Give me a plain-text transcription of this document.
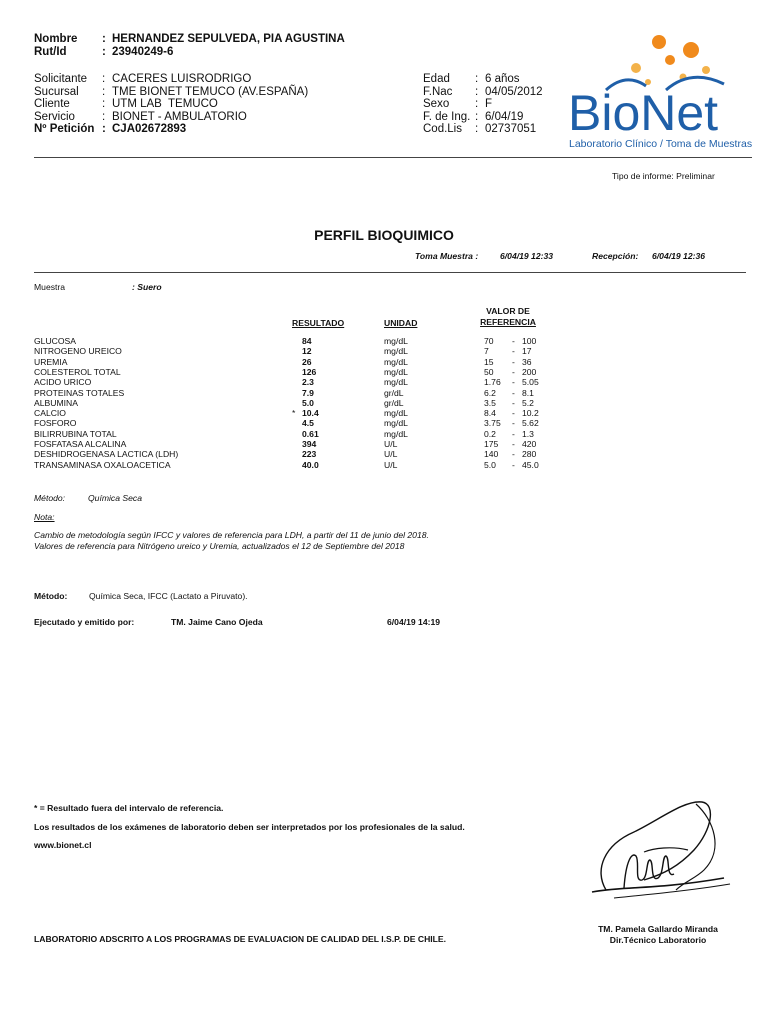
Nombre	: HERNANDEZ SEPULVEDA, PIA AGUSTINA
Rut/Id	: 23940249-6
Solicitante	: CACERES LUISRODRIGO
Sucursal	: TME BIONET TEMUCO (AV.ESPAÑA)
Cliente	: UTM LAB  TEMUCO
Servicio	: BIONET - AMBULATORIO
Nº Petición : CJA02672893
Edad	: 6 años
F.Nac	: 04/05/2012
Sexo	: F
F. de Ing. : 6/04/19
Cod.Lis	: 02737051 BioNet
Laboratorio Clínico / Toma de Muestras
Tipo de informe: Preliminar
PERFIL BIOQUIMICO
Toma Muestra :	6/04/19 12:33	Recepción: 6/04/19 12:36
Muestra	: Suero
RESULTADO	UNIDAD
VALOR DE
REFERENCIA
GLUCOSA	84	mg/dL	70 - 100
NITROGENO UREICO	12	mg/dL	7	- 17
UREMIA	26	mg/dL	15 - 36
COLESTEROL TOTAL	126	mg/dL	50 - 200
ACIDO URICO	2.3	mg/dL	1.76 - 5.05
PROTEINAS TOTALES	7.9	gr/dL	6.2 - 8.1
ALBUMINA	5.0	gr/dL	3.5 - 5.2
CALCIO	* 10.4	mg/dL	8.4 - 10.2
FOSFORO	4.5	mg/dL	3.75 - 5.62
BILIRRUBINA TOTAL	0.61	mg/dL	0.2 - 1.3
FOSFATASA ALCALINA	394	U/L	175 - 420
DESHIDROGENASA LACTICA (LDH)	223	U/L	140 - 280
TRANSAMINASA OXALOACETICA	40.0	U/L	5.0 - 45.0
Método:	Química Seca
Nota:
Cambio de metodología según IFCC y valores de referencia para LDH, a partir del 11 de junio del 2018.
Valores de referencia para Nitrógeno ureico y Uremia, actualizados el 12 de Septiembre del 2018
Método:	Química Seca, IFCC (Lactato a Piruvato).
Ejecutado y emitido por:	TM. Jaime Cano Ojeda	6/04/19 14:19
* = Resultado fuera del intervalo de referencia.
Los resultados de los exámenes de laboratorio deben ser interpretados por los profesionales de la salud.
www.bionet.cl
TM. Pamela Gallardo Miranda
Dir.Técnico Laboratorio
LABORATORIO ADSCRITO A LOS PROGRAMAS DE EVALUACION DE CALIDAD DEL I.S.P. DE CHILE.
